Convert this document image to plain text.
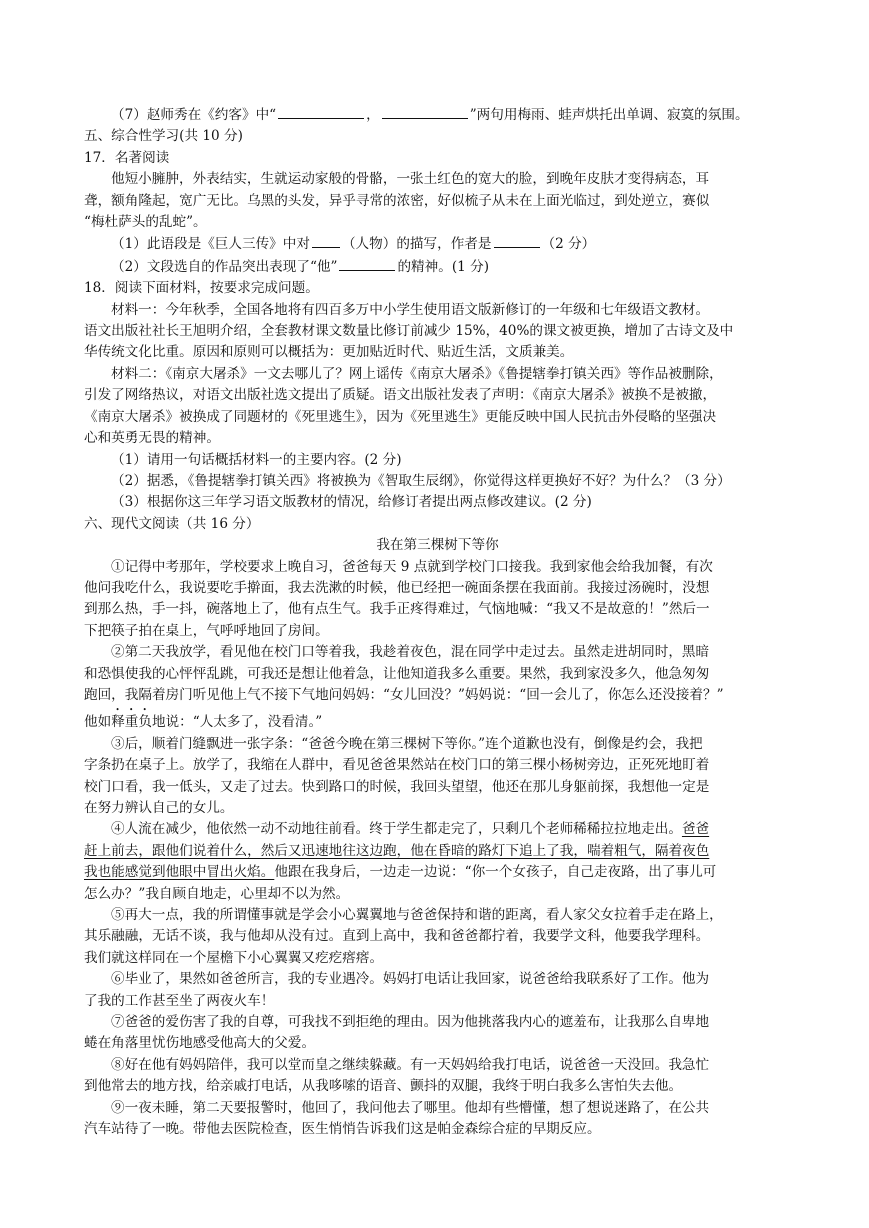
（7）赵师秀在《约客》中“	，	”两句用梅雨、蛙声烘托出单调、寂寞的氛围。
五、综合性学习(共 10 分)
17．名著阅读
他短小臃肿，外表结实，生就运动家般的骨骼，一张土红色的宽大的脸，到晚年皮肤才变得病态，耳
聋，额角隆起，宽广无比。乌黑的头发，异乎寻常的浓密，好似梳子从未在上面光临过，到处逆立，赛似
“梅杜萨头的乱蛇”。
（1）此语段是《巨人三传》中对 （人物）的描写，作者是	（2 分）
（2）文段选自的作品突出表现了“他”	的精神。(1 分)
18．阅读下面材料，按要求完成问题。
材料一：今年秋季，全国各地将有四百多万中小学生使用语文版新修订的一年级和七年级语文教材。
语文出版社社长王旭明介绍，全套教材课文数量比修订前减少 15%，40%的课文被更换，增加了古诗文及中
华传统文化比重。原因和原则可以概括为：更加贴近时代、贴近生活，文质兼美。
材料二：《南京大屠杀》一文去哪儿了？网上谣传《南京大屠杀》《鲁提辖拳打镇关西》等作品被删除，
引发了网络热议，对语文出版社选文提出了质疑。语文出版社发表了声明：《南京大屠杀》被换不是被撤，
《南京大屠杀》被换成了同题材的《死里逃生》，因为《死里逃生》更能反映中国人民抗击外侵略的坚强决
心和英勇无畏的精神。
（1）请用一句话概括材料一的主要内容。(2 分)
（2）据悉，《鲁提辖拳打镇关西》将被换为《智取生辰纲》，你觉得这样更换好不好？为什么？（3 分）
（3）根据你这三年学习语文版教材的情况，给修订者提出两点修改建议。(2 分)
六、现代文阅读（共 16 分）
我在第三棵树下等你
①记得中考那年，学校要求上晚自习，爸爸每天 9 点就到学校门口接我。我到家他会给我加餐，有次
他问我吃什么，我说要吃手擀面，我去洗漱的时候，他已经把一碗面条摆在我面前。我接过汤碗时，没想
到那么热，手一抖，碗落地上了，他有点生气。我手正疼得难过，气恼地喊：“我又不是故意的！”然后一
下把筷子拍在桌上，气呼呼地回了房间。
②第二天我放学，看见他在校门口等着我，我趁着夜色，混在同学中走过去。虽然走进胡同时，黑暗
和恐惧使我的心怦怦乱跳，可我还是想让他着急，让他知道我多么重要。果然，我到家没多久，他急匆匆
跑回，我隔着房门听见他上气不接下气地问妈妈：“女儿回没？”妈妈说：“回一会儿了，你怎么还没接着？”
他如释重负地说：“人太多了，没看清。”
③后，顺着门缝飘进一张字条：“爸爸今晚在第三棵树下等你。”连个道歉也没有，倒像是约会，我把
字条扔在桌子上。放学了，我缩在人群中，看见爸爸果然站在校门口的第三棵小杨树旁边，正死死地盯着
校门口看，我一低头，又走了过去。快到路口的时候，我回头望望，他还在那儿身躯前探，我想他一定是
在努力辨认自己的女儿。
④人流在减少，他依然一动不动地往前看。终于学生都走完了，只剩几个老师稀稀拉拉地走出。爸爸
赶上前去，跟他们说着什么，然后又迅速地往这边跑，他在昏暗的路灯下追上了我，喘着粗气，隔着夜色
我也能感觉到他眼中冒出火焰。他跟在我身后，一边走一边说：“你一个女孩子，自己走夜路，出了事儿可
怎么办？”我自顾自地走，心里却不以为然。
⑤再大一点，我的所谓懂事就是学会小心翼翼地与爸爸保持和谐的距离，看人家父女拉着手走在路上，
其乐融融，无话不谈，我与他却从没有过。直到上高中，我和爸爸都拧着，我要学文科，他要我学理科。
我们就这样同在一个屋檐下小心翼翼又疙疙瘩瘩。
⑥毕业了，果然如爸爸所言，我的专业遇冷。妈妈打电话让我回家，说爸爸给我联系好了工作。他为
了我的工作甚至坐了两夜火车！
⑦爸爸的爱伤害了我的自尊，可我找不到拒绝的理由。因为他挑落我内心的遮羞布，让我那么自卑地
蜷在角落里忧伤地感受他高大的父爱。
⑧好在他有妈妈陪伴，我可以堂而皇之继续躲藏。有一天妈妈给我打电话，说爸爸一天没回。我急忙
到他常去的地方找，给亲戚打电话，从我哆嗦的语音、颤抖的双腿，我终于明白我多么害怕失去他。
⑨一夜未睡，第二天要报警时，他回了，我问他去了哪里。他却有些懵懂，想了想说迷路了，在公共
汽车站待了一晚。带他去医院检查，医生悄悄告诉我们这是帕金森综合症的早期反应。
